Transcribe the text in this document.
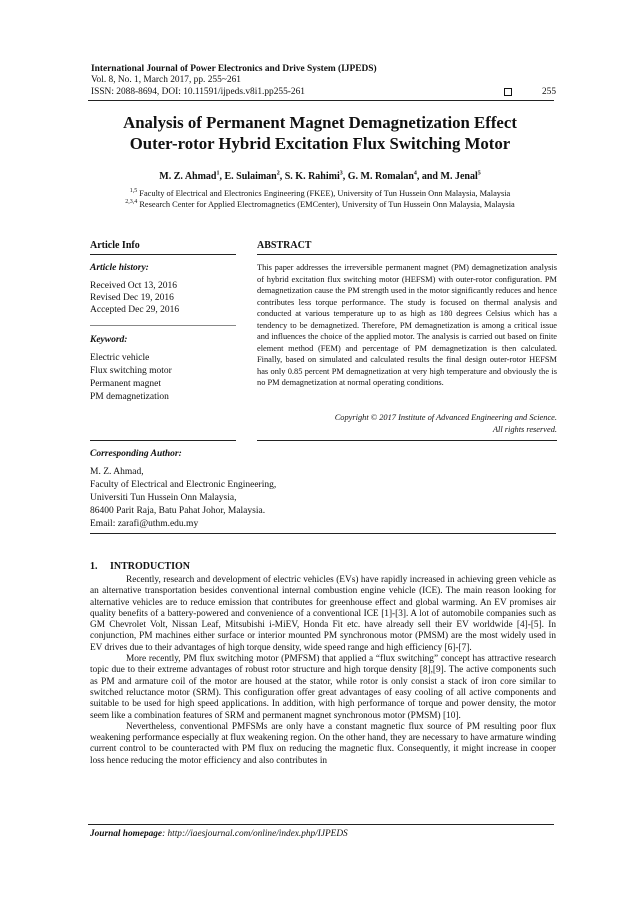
International Journal of Power Electronics and Drive System (IJPEDS)
Vol. 8, No. 1, March 2017, pp. 255~261
ISSN: 2088-8694, DOI: 10.11591/ijpeds.v8i1.pp255-261	255
Analysis of Permanent Magnet Demagnetization Effect
Outer-rotor Hybrid Excitation Flux Switching Motor
M. Z. Ahmad$^1$, E. Sulaiman$^2$, S. K. Rahimi$^3$, G. M. Romalan$^4$, and M. Jenal$^5$
$^{1,5}$ Faculty of Electrical and Electronics Engineering (FKEE), University of Tun Hussein Onn Malaysia, Malaysia
$^{2,3,4}$ Research Center for Applied Electromagnetics (EMCenter), University of Tun Hussein Onn Malaysia, Malaysia
Article Info
Article history:
Received Oct 13, 2016
Revised Dec 19, 2016
Accepted Dec 29, 2016
Keyword:
Electric vehicle
Flux switching motor
Permanent magnet
PM demagnetization
ABSTRACT
This paper addresses the irreversible permanent magnet (PM) demagnetization analysis of hybrid excitation flux switching motor (HEFSM) with outer-rotor configuration. PM demagnetization cause the PM strength used in the motor significantly reduces and hence contributes less torque performance. The study is focused on thermal analysis and conducted at various temperature up to as high as 180 degrees Celsius which has a tendency to be demagnetized. Therefore, PM demagnetization is among a critical issue and influences the choice of the applied motor. The analysis is carried out based on finite element method (FEM) and percentage of PM demagnetization is then calculated. Finally, based on simulated and calculated results the final design outer-rotor HEFSM has only 0.85 percent PM demagnetization at very high temperature and obviously the is no PM demagnetization at normal operating conditions.
Copyright © 2017 Institute of Advanced Engineering and Science.
All rights reserved.
Corresponding Author:
M. Z. Ahmad,
Faculty of Electrical and Electronic Engineering,
Universiti Tun Hussein Onn Malaysia,
86400 Parit Raja, Batu Pahat Johor, Malaysia.
Email: zarafi@uthm.edu.my
1.     INTRODUCTION

Recently, research and development of electric vehicles (EVs) have rapidly increased in achieving green vehicle as an alternative transportation besides conventional internal combustion engine vehicle (ICE). The main reason looking for alternative vehicles are to reduce emission that contributes for greenhouse effect and global warming. An EV promises air quality benefits of a battery-powered and convenience of a conventional ICE [1]-[3]. A lot of automobile companies such as GM Chevrolet Volt, Nissan Leaf, Mitsubishi i-MiEV, Honda Fit etc. have already sell their EV worldwide [4]-[5]. In conjunction, PM machines either surface or interior mounted PM synchronous motor (PMSM) are the most widely used in EV drives due to their advantages of high torque density, wide speed range and high efficiency [6]-[7].

More recently, PM flux switching motor (PMFSM) that applied a “flux switching” concept has attractive research topic due to their extreme advantages of robust rotor structure and high torque density [8],[9]. The active components such as PM and armature coil of the motor are housed at the stator, while rotor is only consist a stack of iron core similar to switched reluctance motor (SRM). This configuration offer great advantages of easy cooling of all active components and suitable to be used for high speed applications. In addition, with high performance of torque and power density, the motor seem like a combination features of SRM and permanent magnet synchronous motor (PMSM) [10].

Nevertheless, conventional PMFSMs are only have a constant magnetic flux source of PM resulting poor flux weakening performance especially at flux weakening region. On the other hand, they are necessary to have armature winding current control to be counteracted with PM flux on reducing the magnetic flux. Consequently, it might increase in cooper loss hence reducing the motor efficiency and also contributes in

Journal homepage: http://iaesjournal.com/online/index.php/IJPEDS
